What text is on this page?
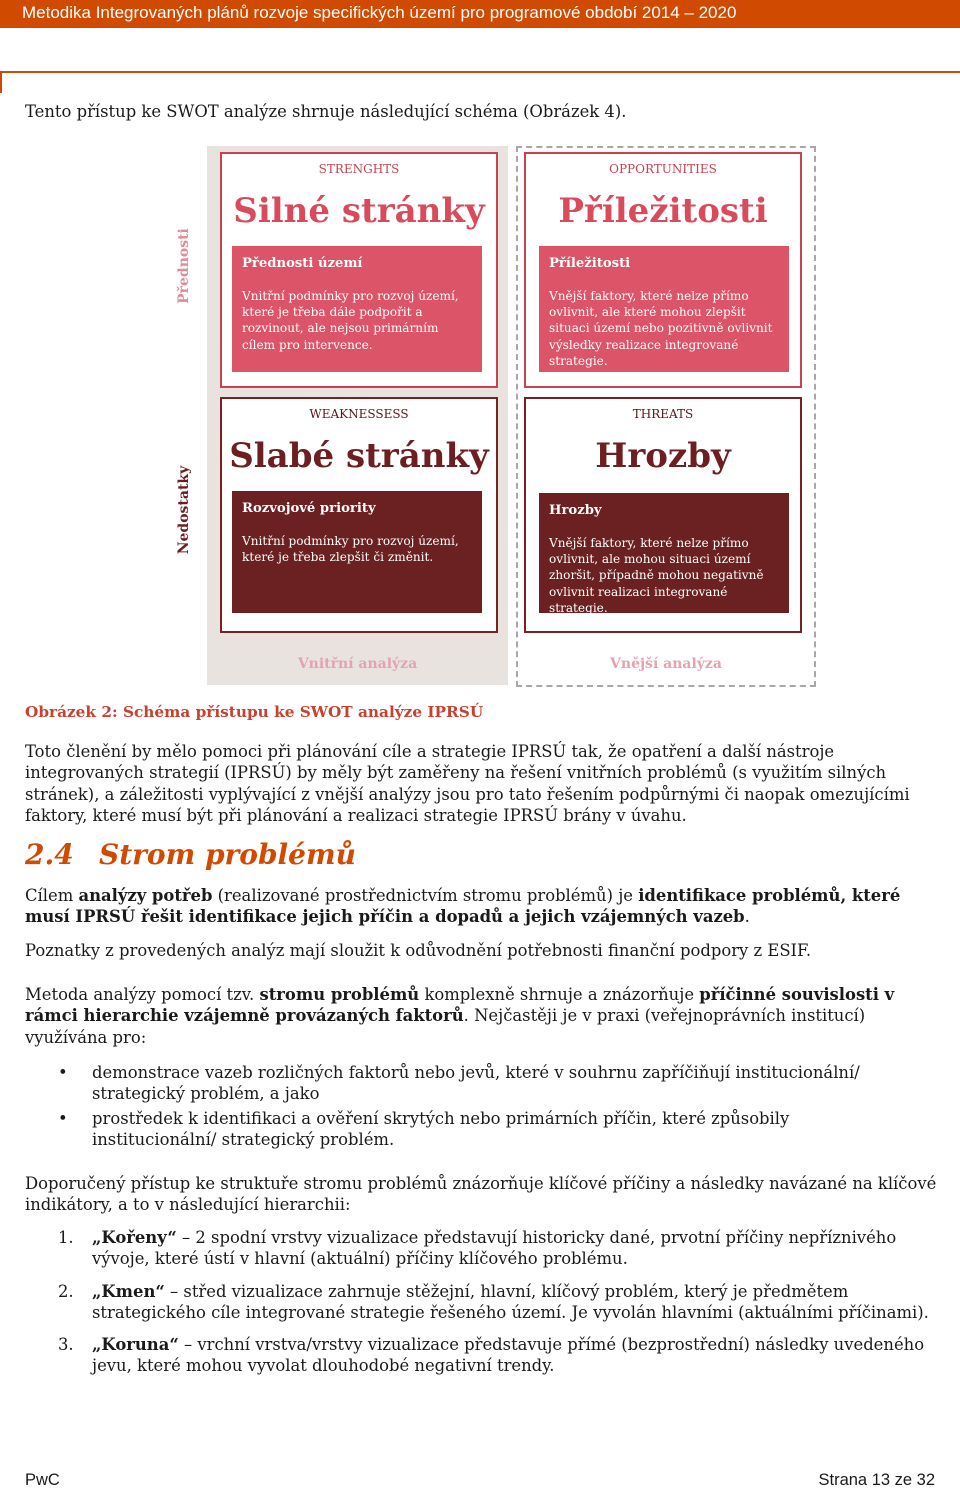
Metodika Integrovaných plánů rozvoje specifických území pro programové období 2014 – 2020

Tento přístup ke SWOT analýze shrnuje následující schéma (Obrázek 4).

Přednosti
Nedostatky
STRENGHTS
Silné stránky
Přednosti území
Vnitřní podmínky pro rozvoj území, které je třeba dále podpořit a rozvinout, ale nejsou primárním cílem pro intervence.
OPPORTUNITIES
Příležitosti
Příležitosti
Vnější faktory, které nelze přímo ovlivnit, ale které mohou zlepšit situaci území nebo pozitivně ovlivnit výsledky realizace integrované strategie.
WEAKNESSESS
Slabé stránky
Rozvojové priority
Vnitřní podmínky pro rozvoj území, které je třeba zlepšit či změnit.
THREATS
Hrozby
Hrozby
Vnější faktory, které nelze přímo ovlivnit, ale mohou situaci území zhoršit, případně mohou negativně ovlivnit realizaci integrované strategie.
Vnitřní analýza	Vnější analýza
Obrázek 2: Schéma přístupu ke SWOT analýze IPRSÚ

Toto členění by mělo pomoci při plánování cíle a strategie IPRSÚ tak, že opatření a další nástroje integrovaných strategií (IPRSÚ) by měly být zaměřeny na řešení vnitřních problémů (s využitím silných stránek), a záležitosti vyplývající z vnější analýzy jsou pro tato řešením podpůrnými či naopak omezujícími faktory, které musí být při plánování a realizaci strategie IPRSÚ brány v úvahu.

2.4 Strom problémů

Cílem analýzy potřeb (realizované prostřednictvím stromu problémů) je identifikace problémů, které musí IPRSÚ řešit identifikace jejich příčin a dopadů a jejich vzájemných vazeb.

Poznatky z provedených analýz mají sloužit k odůvodnění potřebnosti finanční podpory z ESIF.

Metoda analýzy pomocí tzv. stromu problémů komplexně shrnuje a znázorňuje příčinné souvislosti v rámci hierarchie vzájemně provázaných faktorů. Nejčastěji je v praxi (veřejnoprávních institucí) využívána pro:

• demonstrace vazeb rozličných faktorů nebo jevů, které v souhrnu zapříčiňují institucionální/ strategický problém, a jako
• prostředek k identifikaci a ověření skrytých nebo primárních příčin, které způsobily institucionální/ strategický problém.

Doporučený přístup ke struktuře stromu problémů znázorňuje klíčové příčiny a následky navázané na klíčové indikátory, a to v následující hierarchii:

1. „Kořeny“ – 2 spodní vrstvy vizualizace představují historicky dané, prvotní příčiny nepříznivého vývoje, které ústí v hlavní (aktuální) příčiny klíčového problému.
2. „Kmen“ – střed vizualizace zahrnuje stěžejní, hlavní, klíčový problém, který je předmětem strategického cíle integrované strategie řešeného území. Je vyvolán hlavními (aktuálními příčinami).
3. „Koruna“ – vrchní vrstva/vrstvy vizualizace představuje přímé (bezprostřední) následky uvedeného jevu, které mohou vyvolat dlouhodobé negativní trendy.
PwC	Strana 13 ze 32
